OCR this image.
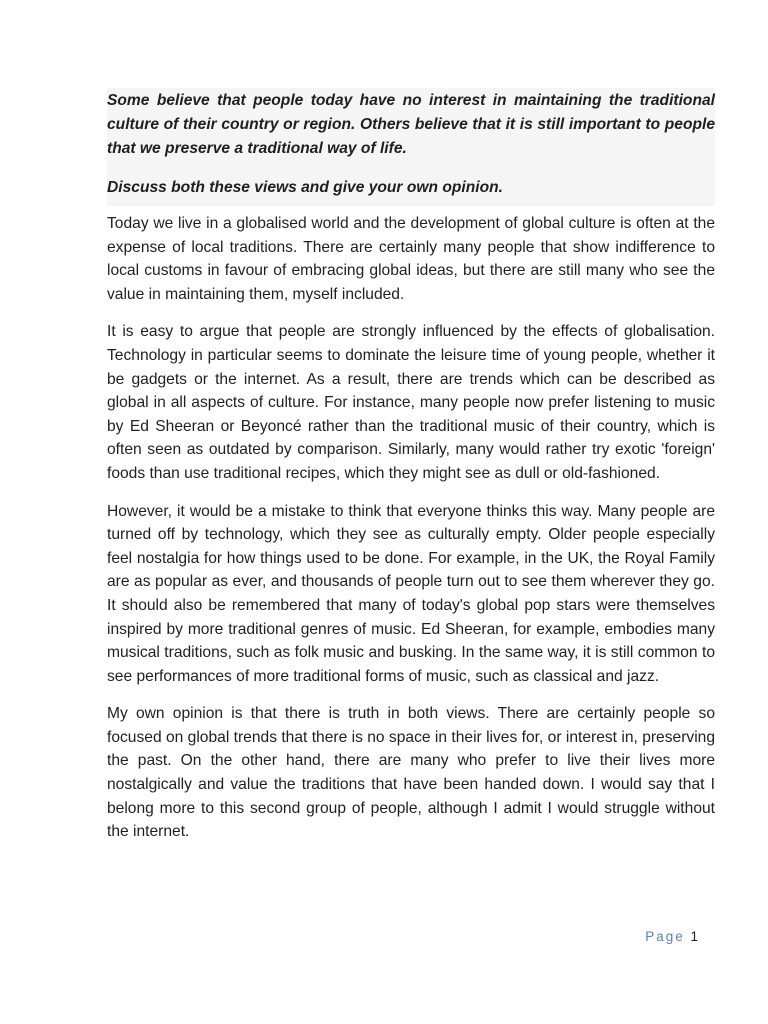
Some believe that people today have no interest in maintaining the traditional culture of their country or region. Others believe that it is still important to people that we preserve a traditional way of life.

Discuss both these views and give your own opinion.

Today we live in a globalised world and the development of global culture is often at the expense of local traditions. There are certainly many people that show indifference to local customs in favour of embracing global ideas, but there are still many who see the value in maintaining them, myself included.

It is easy to argue that people are strongly influenced by the effects of globalisation. Technology in particular seems to dominate the leisure time of young people, whether it be gadgets or the internet. As a result, there are trends which can be described as global in all aspects of culture. For instance, many people now prefer listening to music by Ed Sheeran or Beyoncé rather than the traditional music of their country, which is often seen as outdated by comparison. Similarly, many would rather try exotic 'foreign' foods than use traditional recipes, which they might see as dull or old-fashioned.

However, it would be a mistake to think that everyone thinks this way. Many people are turned off by technology, which they see as culturally empty. Older people especially feel nostalgia for how things used to be done. For example, in the UK, the Royal Family are as popular as ever, and thousands of people turn out to see them wherever they go. It should also be remembered that many of today's global pop stars were themselves inspired by more traditional genres of music. Ed Sheeran, for example, embodies many musical traditions, such as folk music and busking. In the same way, it is still common to see performances of more traditional forms of music, such as classical and jazz.

My own opinion is that there is truth in both views. There are certainly people so focused on global trends that there is no space in their lives for, or interest in, preserving the past. On the other hand, there are many who prefer to live their lives more nostalgically and value the traditions that have been handed down. I would say that I belong more to this second group of people, although I admit I would struggle without the internet.

Page 1
